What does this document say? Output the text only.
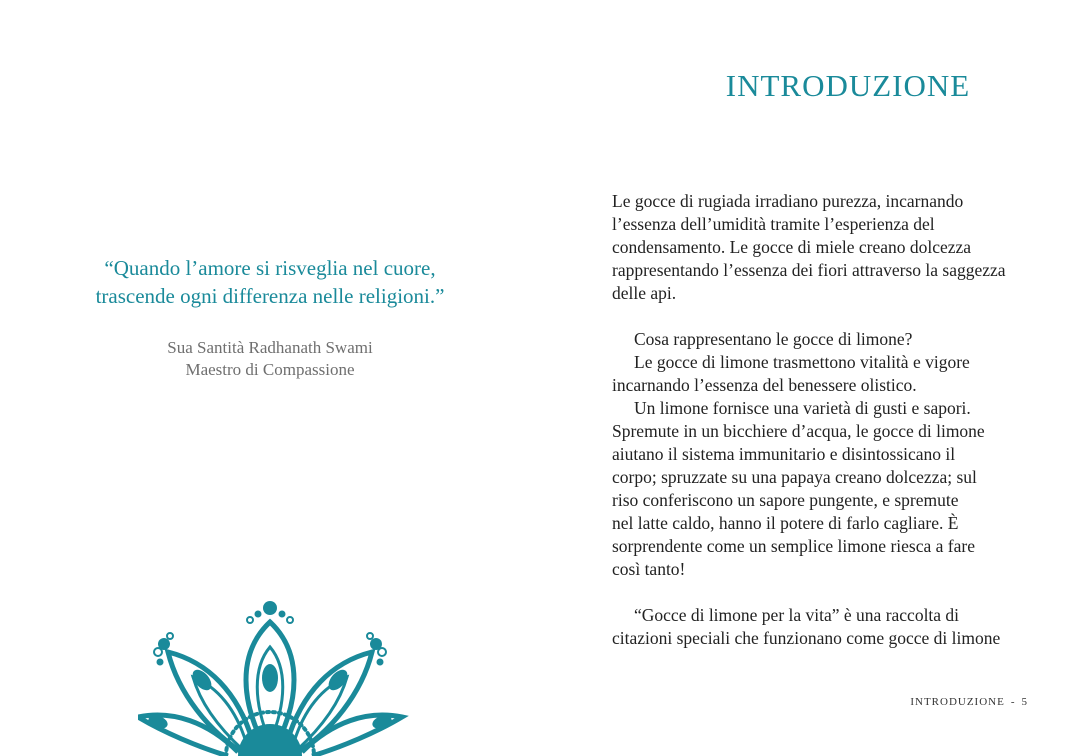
“Quando l’amore si risveglia nel cuore,
trascende ogni differenza nelle religioni.”
Sua Santità Radhanath Swami
Maestro di Compassione
INTRODUZIONE
Le gocce di rugiada irradiano purezza, incarnando
l’essenza dell’umidità tramite l’esperienza del
condensamento. Le gocce di miele creano dolcezza
rappresentando l’essenza dei fiori attraverso la saggezza
delle api.
Cosa rappresentano le gocce di limone?
Le gocce di limone trasmettono vitalità e vigore
incarnando l’essenza del benessere olistico.
Un limone fornisce una varietà di gusti e sapori.
Spremute in un bicchiere d’acqua, le gocce di limone
aiutano il sistema immunitario e disintossicano il
corpo; spruzzate su una papaya creano dolcezza; sul
riso conferiscono un sapore pungente, e spremute
nel latte caldo, hanno il potere di farlo cagliare. È
sorprendente come un semplice limone riesca a fare
così tanto!
“Gocce di limone per la vita” è una raccolta di
citazioni speciali che funzionano come gocce di limone
INTRODUZIONE - 5
